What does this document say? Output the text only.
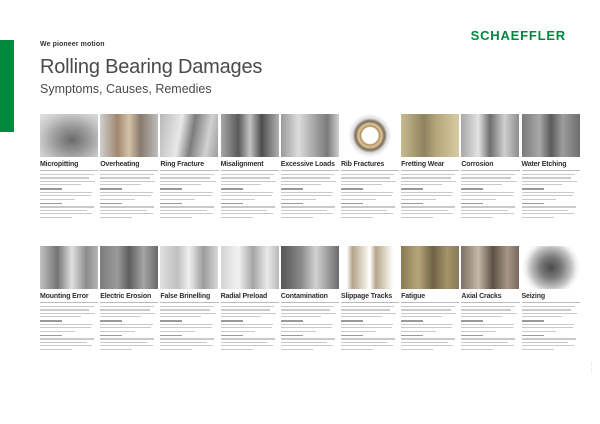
We pioneer motion
SCHAEFFLER
Rolling Bearing Damages
Symptoms, Causes, Remedies
·· ··· ····
Micropitting	Overheating	Ring Fracture	Misalignment	Excessive Loads Rib Fractures	Fretting Wear	Corrosion	Water Etching
Mounting Error	Electric Erosion	False Brinelling	Radial Preload	Contamination	Slippage Tracks	Fatigue	Axial Cracks	Seizing
